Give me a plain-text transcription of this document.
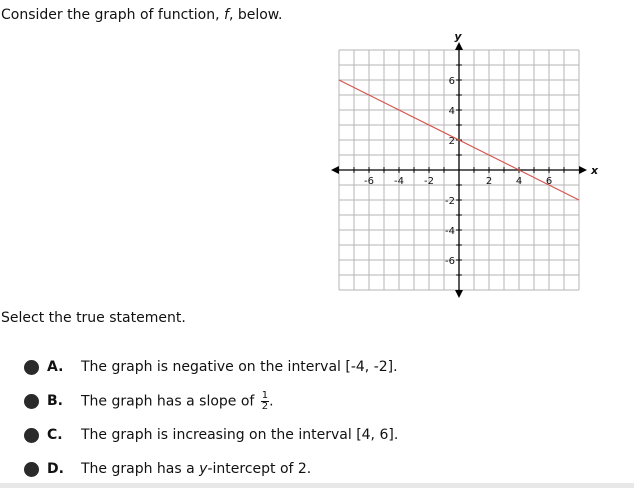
Consider the graph of function, f, below.
-6 -4 -2	2 4 6
6
4
2
-2
-4
-6
x
y
Select the true statement.
A.	The graph is negative on the interval [-4, -2].
B.	The graph has a slope of $\frac{1}{2}$ .
C.	The graph is increasing on the interval [4, 6].
D.	The graph has a y-intercept of 2.
